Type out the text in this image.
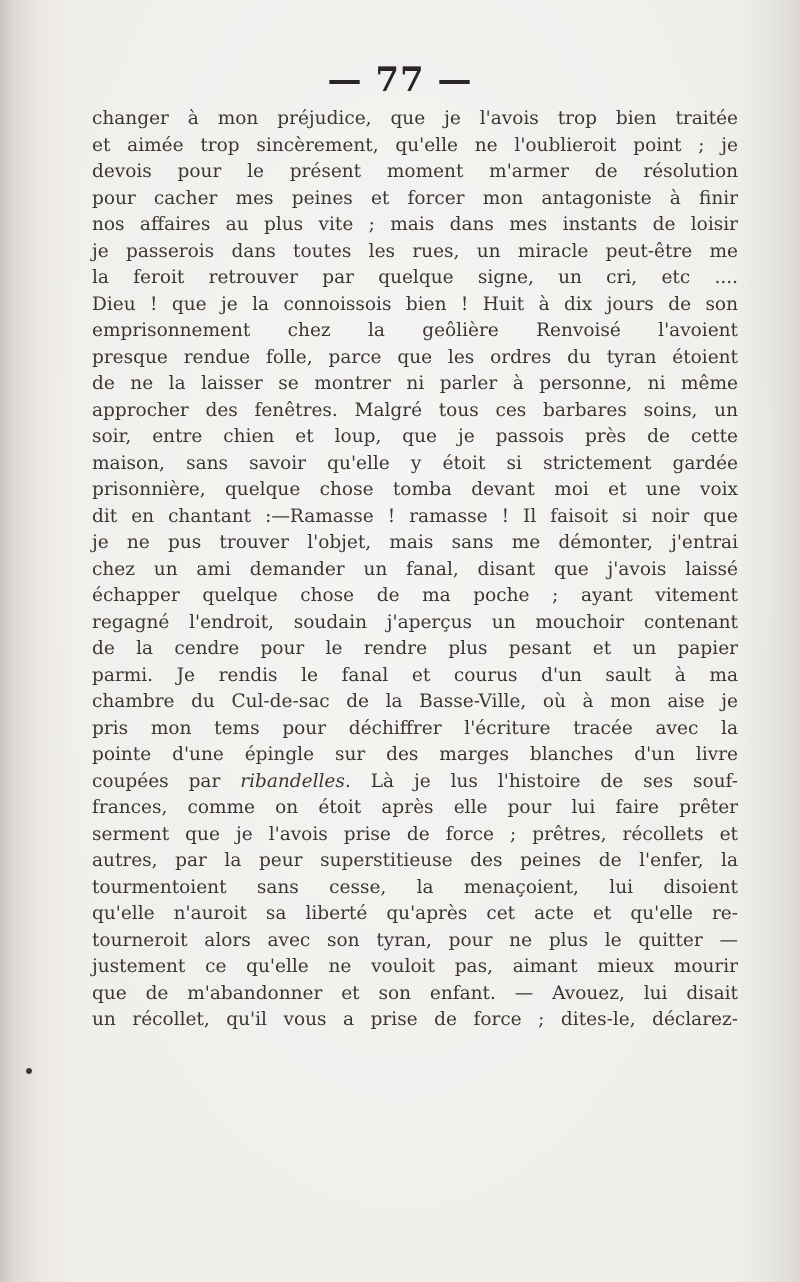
— 77 —
changer à mon préjudice, que je l'avois trop bien traitée
et aimée trop sincèrement, qu'elle ne l'oublieroit point ; je
devois pour le présent moment m'armer de résolution
pour cacher mes peines et forcer mon antagoniste à finir
nos affaires au plus vite ; mais dans mes instants de loisir
je passerois dans toutes les rues, un miracle peut-être me
la feroit retrouver par quelque signe, un cri, etc ....
Dieu ! que je la connoissois bien ! Huit à dix jours de son
emprisonnement chez la geôlière Renvoisé l'avoient
presque rendue folle, parce que les ordres du tyran étoient
de ne la laisser se montrer ni parler à personne, ni même
approcher des fenêtres. Malgré tous ces barbares soins, un
soir, entre chien et loup, que je passois près de cette
maison, sans savoir qu'elle y étoit si strictement gardée
prisonnière, quelque chose tomba devant moi et une voix
dit en chantant :—Ramasse ! ramasse ! Il faisoit si noir que
je ne pus trouver l'objet, mais sans me démonter, j'entrai
chez un ami demander un fanal, disant que j'avois laissé
échapper quelque chose de ma poche ; ayant vitement
regagné l'endroit, soudain j'aperçus un mouchoir contenant
de la cendre pour le rendre plus pesant et un papier
parmi. Je rendis le fanal et courus d'un sault à ma
chambre du Cul-de-sac de la Basse-Ville, où à mon aise je
pris mon tems pour déchiffrer l'écriture tracée avec la
pointe d'une épingle sur des marges blanches d'un livre
coupées par ribandelles. Là je lus l'histoire de ses souf-
frances, comme on étoit après elle pour lui faire prêter
serment que je l'avois prise de force ; prêtres, récollets et
autres, par la peur superstitieuse des peines de l'enfer, la
tourmentoient sans cesse, la menaçoient, lui disoient
qu'elle n'auroit sa liberté qu'après cet acte et qu'elle re-
tourneroit alors avec son tyran, pour ne plus le quitter —
justement ce qu'elle ne vouloit pas, aimant mieux mourir
que de m'abandonner et son enfant. — Avouez, lui disait
un récollet, qu'il vous a prise de force ; dites-le, déclarez-
